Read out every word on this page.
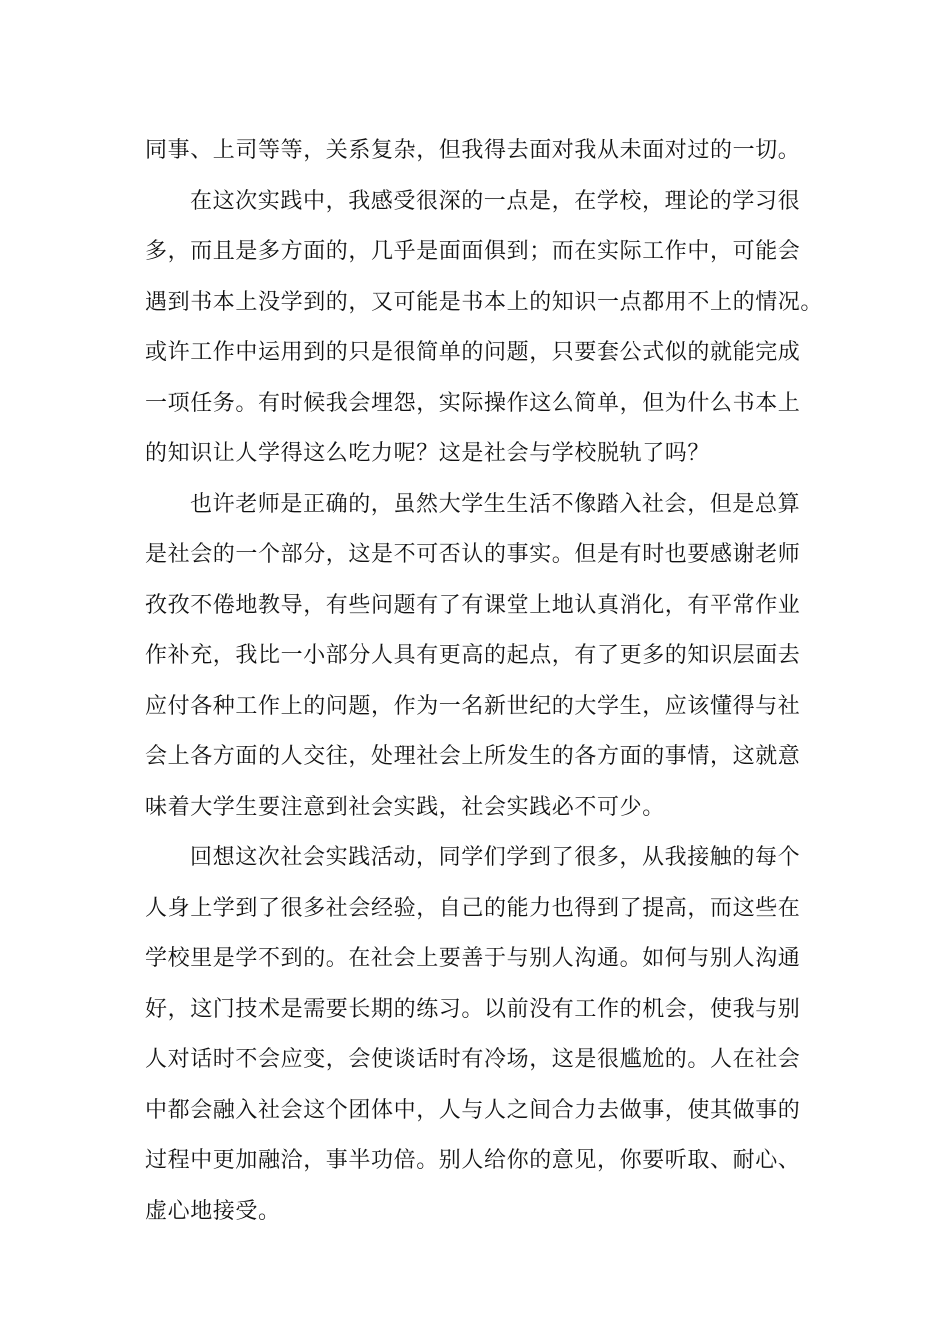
同事、上司等等，关系复杂，但我得去面对我从未面对过的一切。
在这次实践中，我感受很深的一点是，在学校，理论的学习很
多，而且是多方面的，几乎是面面俱到；而在实际工作中，可能会
遇到书本上没学到的，又可能是书本上的知识一点都用不上的情况。
或许工作中运用到的只是很简单的问题，只要套公式似的就能完成
一项任务。有时候我会埋怨，实际操作这么简单，但为什么书本上
的知识让人学得这么吃力呢？这是社会与学校脱轨了吗？
也许老师是正确的，虽然大学生生活不像踏入社会，但是总算
是社会的一个部分，这是不可否认的事实。但是有时也要感谢老师
孜孜不倦地教导，有些问题有了有课堂上地认真消化，有平常作业
作补充，我比一小部分人具有更高的起点，有了更多的知识层面去
应付各种工作上的问题，作为一名新世纪的大学生，应该懂得与社
会上各方面的人交往，处理社会上所发生的各方面的事情，这就意
味着大学生要注意到社会实践，社会实践必不可少。
回想这次社会实践活动，同学们学到了很多，从我接触的每个
人身上学到了很多社会经验，自己的能力也得到了提高，而这些在
学校里是学不到的。在社会上要善于与别人沟通。如何与别人沟通
好，这门技术是需要长期的练习。以前没有工作的机会，使我与别
人对话时不会应变，会使谈话时有冷场，这是很尴尬的。人在社会
中都会融入社会这个团体中，人与人之间合力去做事，使其做事的
过程中更加融洽，事半功倍。别人给你的意见，你要听取、耐心、
虚心地接受。
